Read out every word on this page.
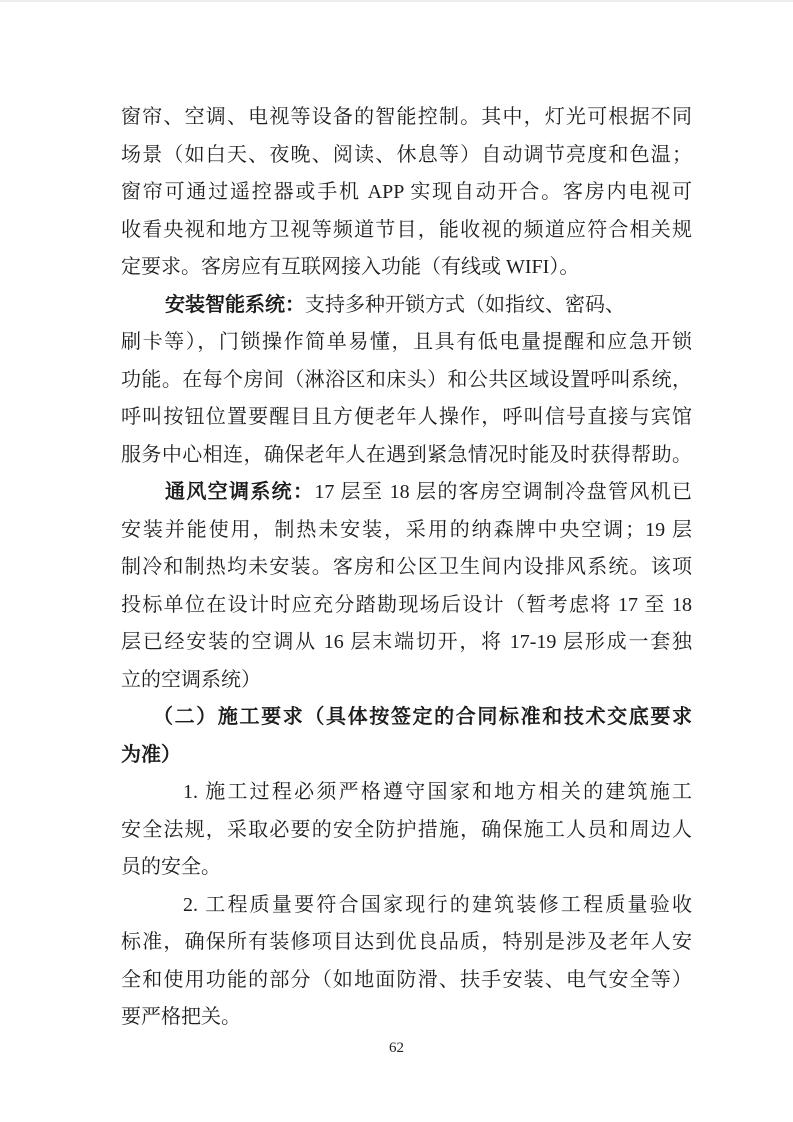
窗帘、空调、电视等设备的智能控制。其中，灯光可根据不同
场景（如白天、夜晚、阅读、休息等）自动调节亮度和色温；
窗帘可通过遥控器或手机 APP 实现自动开合。客房内电视可
收看央视和地方卫视等频道节目，能收视的频道应符合相关规
定要求。客房应有互联网接入功能（有线或 WIFI）。
安装智能系统：支持多种开锁方式（如指纹、密码、
刷卡等），门锁操作简单易懂，且具有低电量提醒和应急开锁
功能。在每个房间（淋浴区和床头）和公共区域设置呼叫系统，
呼叫按钮位置要醒目且方便老年人操作，呼叫信号直接与宾馆
服务中心相连，确保老年人在遇到紧急情况时能及时获得帮助。
通风空调系统：17 层至 18 层的客房空调制冷盘管风机已
安装并能使用，制热未安装，采用的纳森牌中央空调；19 层
制冷和制热均未安装。客房和公区卫生间内设排风系统。该项
投标单位在设计时应充分踏勘现场后设计（暂考虑将 17 至 18
层已经安装的空调从 16 层末端切开，将 17-19 层形成一套独
立的空调系统）
（二）施工要求（具体按签定的合同标准和技术交底要求
为准）
1. 施工过程必须严格遵守国家和地方相关的建筑施工
安全法规，采取必要的安全防护措施，确保施工人员和周边人
员的安全。
2. 工程质量要符合国家现行的建筑装修工程质量验收
标准，确保所有装修项目达到优良品质，特别是涉及老年人安
全和使用功能的部分（如地面防滑、扶手安装、电气安全等）
要严格把关。
62
